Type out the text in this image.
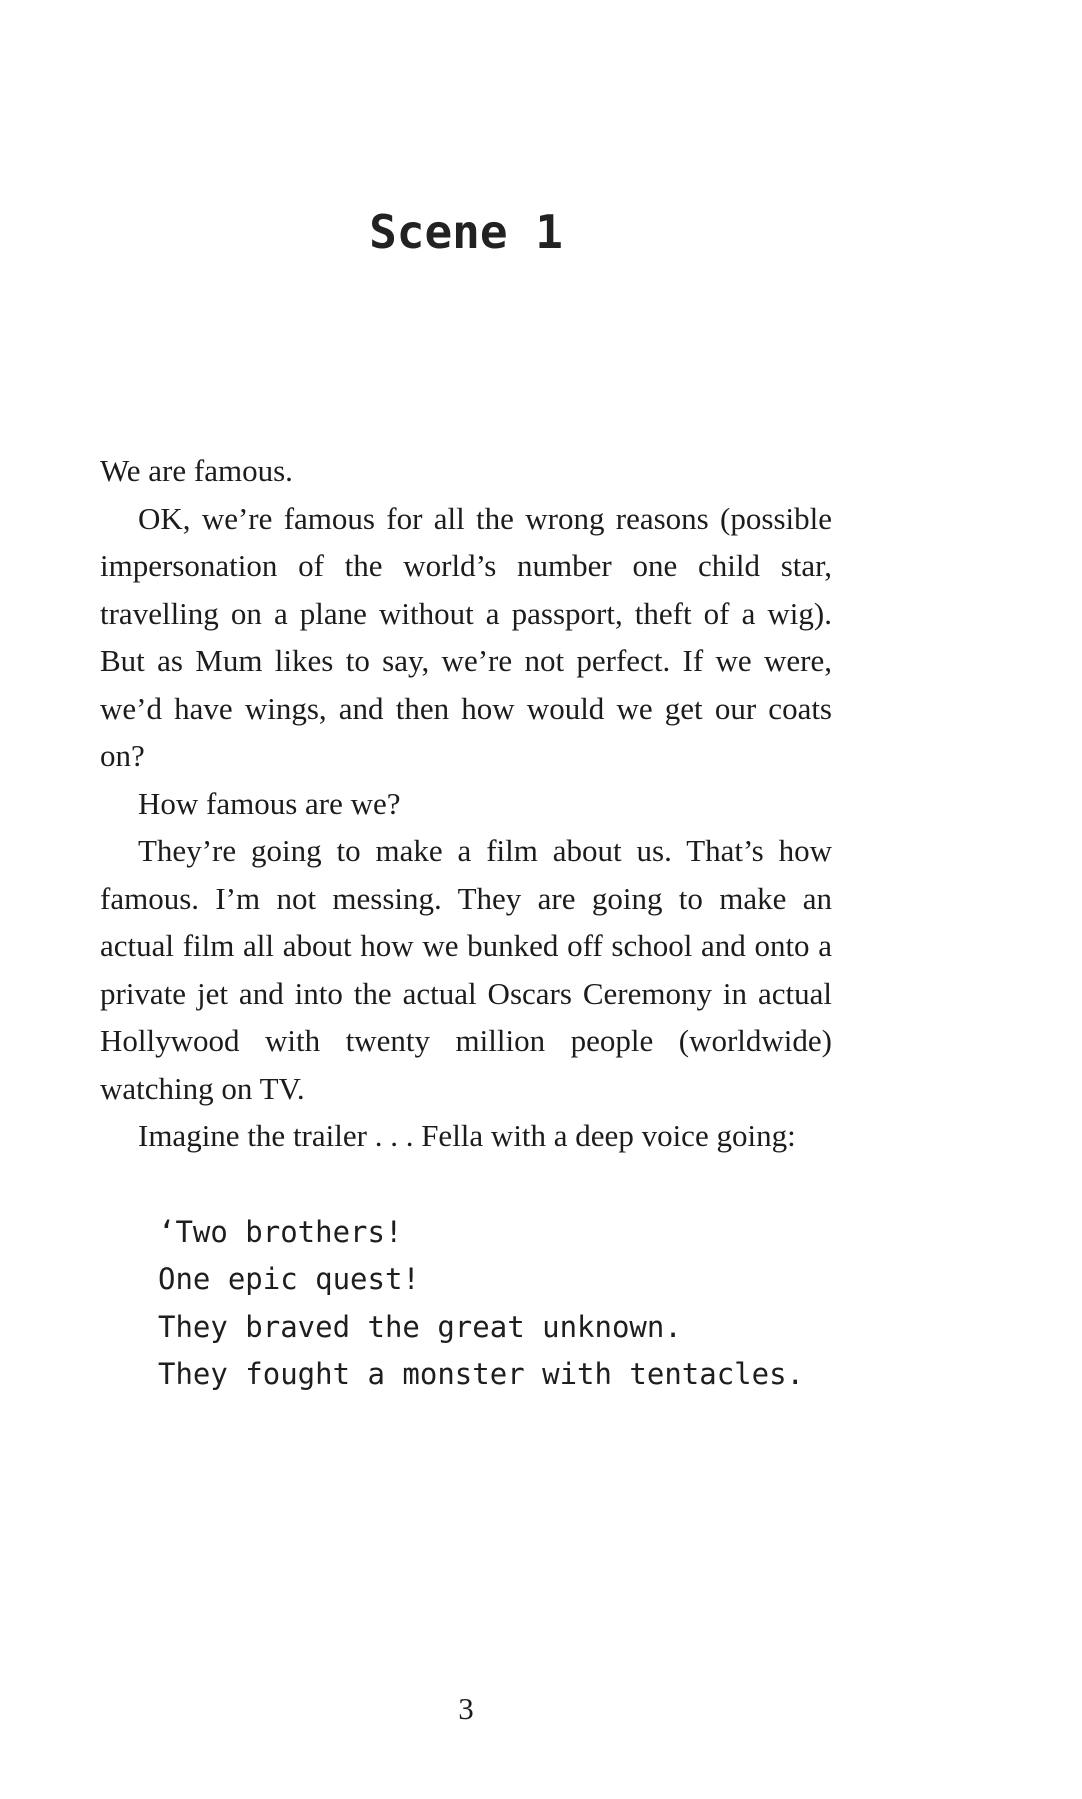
Scene 1

We are famous.

OK, we’re famous for all the wrong reasons (possible impersonation of the world’s number one child star, travelling on a plane without a passport, theft of a wig). But as Mum likes to say, we’re not perfect. If we were, we’d have wings, and then how would we get our coats on?

How famous are we?

They’re going to make a film about us. That’s how famous. I’m not messing. They are going to make an actual film all about how we bunked off school and onto a private jet and into the actual Oscars Ceremony in actual Hollywood with twenty million people (worldwide) watching on TV.

Imagine the trailer . . . Fella with a deep voice going:

‘Two brothers!
One epic quest!
They braved the great unknown.
They fought a monster with tentacles.
3
